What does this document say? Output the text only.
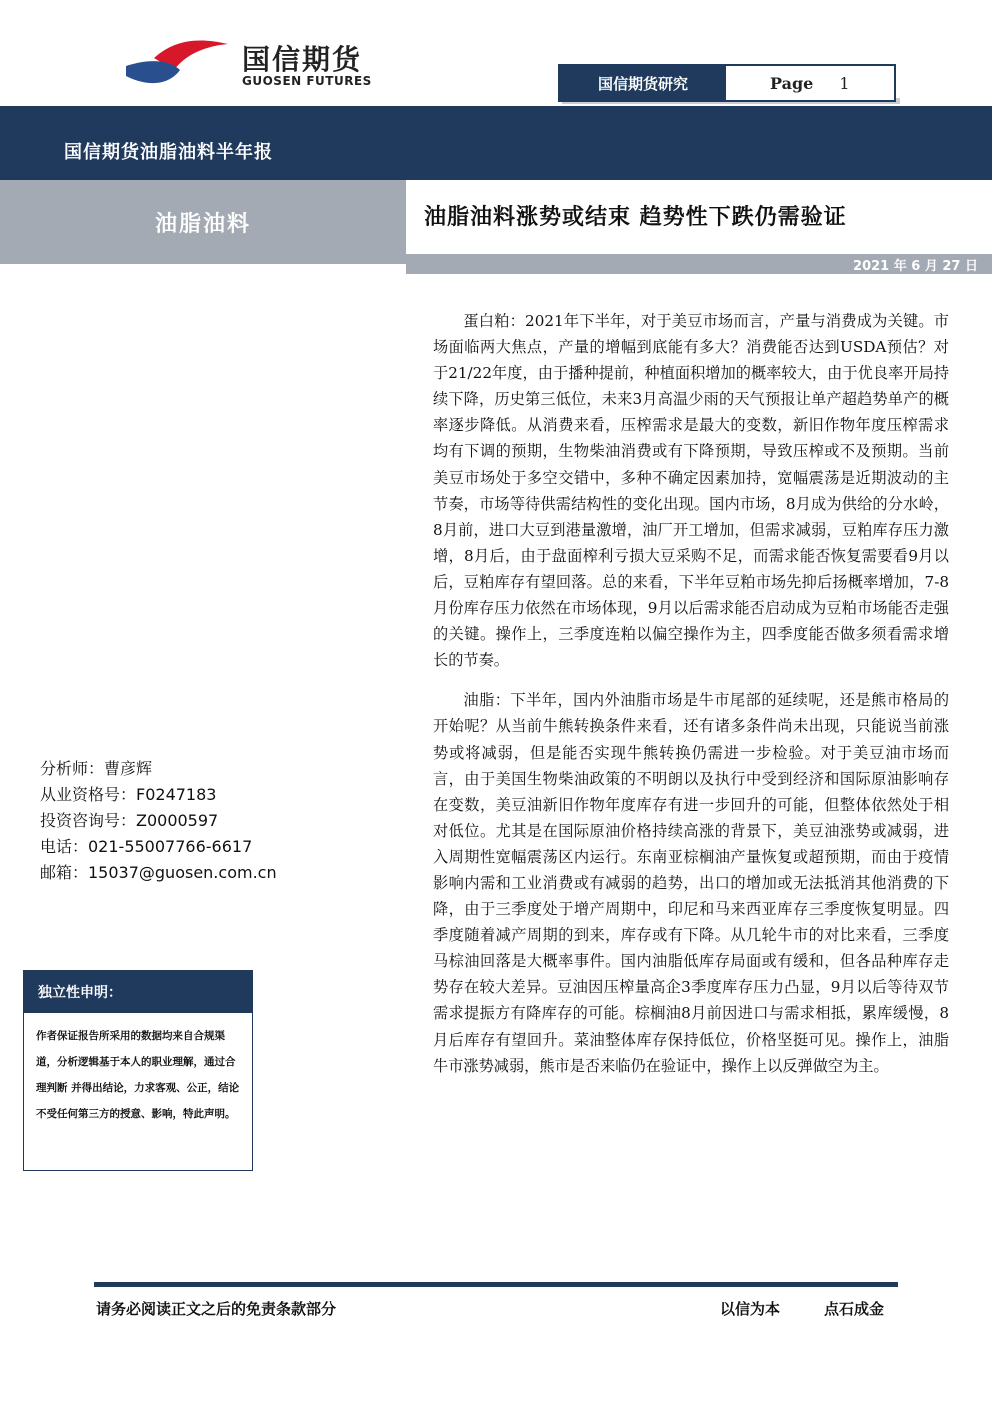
国信期货
GUOSEN FUTURES	国信期货研究	Page 1
国信期货油脂油料半年报
油脂油料	油脂油料涨势或结束 趋势性下跌仍需验证
2021 年 6 月 27 日

蛋白粕：2021年下半年，对于美豆市场而言，产量与消费成为关键。市场面临两大焦点，产量的增幅到底能有多大？消费能否达到USDA预估？对于21/22年度，由于播种提前，种植面积增加的概率较大，由于优良率开局持续下降，历史第三低位，未来3月高温少雨的天气预报让单产超趋势单产的概率逐步降低。从消费来看，压榨需求是最大的变数，新旧作物年度压榨需求均有下调的预期，生物柴油消费或有下降预期，导致压榨或不及预期。当前美豆市场处于多空交错中，多种不确定因素加持，宽幅震荡是近期波动的主节奏，市场等待供需结构性的变化出现。国内市场，8月成为供给的分水岭，8月前，进口大豆到港量激增，油厂开工增加，但需求减弱，豆粕库存压力激增，8月后，由于盘面榨利亏损大豆采购不足，而需求能否恢复需要看9月以后，豆粕库存有望回落。总的来看，下半年豆粕市场先抑后扬概率增加，7-8月份库存压力依然在市场体现，9月以后需求能否启动成为豆粕市场能否走强的关键。操作上，三季度连粕以偏空操作为主，四季度能否做多须看需求增长的节奏。

油脂：下半年，国内外油脂市场是牛市尾部的延续呢，还是熊市格局的开始呢？从当前牛熊转换条件来看，还有诸多条件尚未出现，只能说当前涨势或将减弱，但是能否实现牛熊转换仍需进一步检验。对于美豆油市场而言，由于美国生物柴油政策的不明朗以及执行中受到经济和国际原油影响存在变数，美豆油新旧作物年度库存有进一步回升的可能，但整体依然处于相对低位。尤其是在国际原油价格持续高涨的背景下，美豆油涨势或减弱，进入周期性宽幅震荡区内运行。东南亚棕榈油产量恢复或超预期，而由于疫情影响内需和工业消费或有减弱的趋势，出口的增加或无法抵消其他消费的下降，由于三季度处于增产周期中，印尼和马来西亚库存三季度恢复明显。四季度随着减产周期的到来，库存或有下降。从几轮牛市的对比来看，三季度马棕油回落是大概率事件。国内油脂低库存局面或有缓和，但各品种库存走势存在较大差异。豆油因压榨量高企3季度库存压力凸显，9月以后等待双节需求提振方有降库存的可能。棕榈油8月前因进口与需求相抵，累库缓慢，8月后库存有望回升。菜油整体库存保持低位，价格坚挺可见。操作上，油脂牛市涨势减弱，熊市是否来临仍在验证中，操作上以反弹做空为主。

分析师：曹彦辉
从业资格号：F0247183
投资咨询号：Z0000597
电话：021-55007766-6617
邮箱：15037@guosen.com.cn
独立性申明：
作者保证报告所采用的数据均来自合规渠道，分析逻辑基于本人的职业理解，通过合理判断 并得出结论，力求客观、公正，结论不受任何第三方的授意、影响，特此声明。
请务必阅读正文之后的免责条款部分	以信为本	点石成金
